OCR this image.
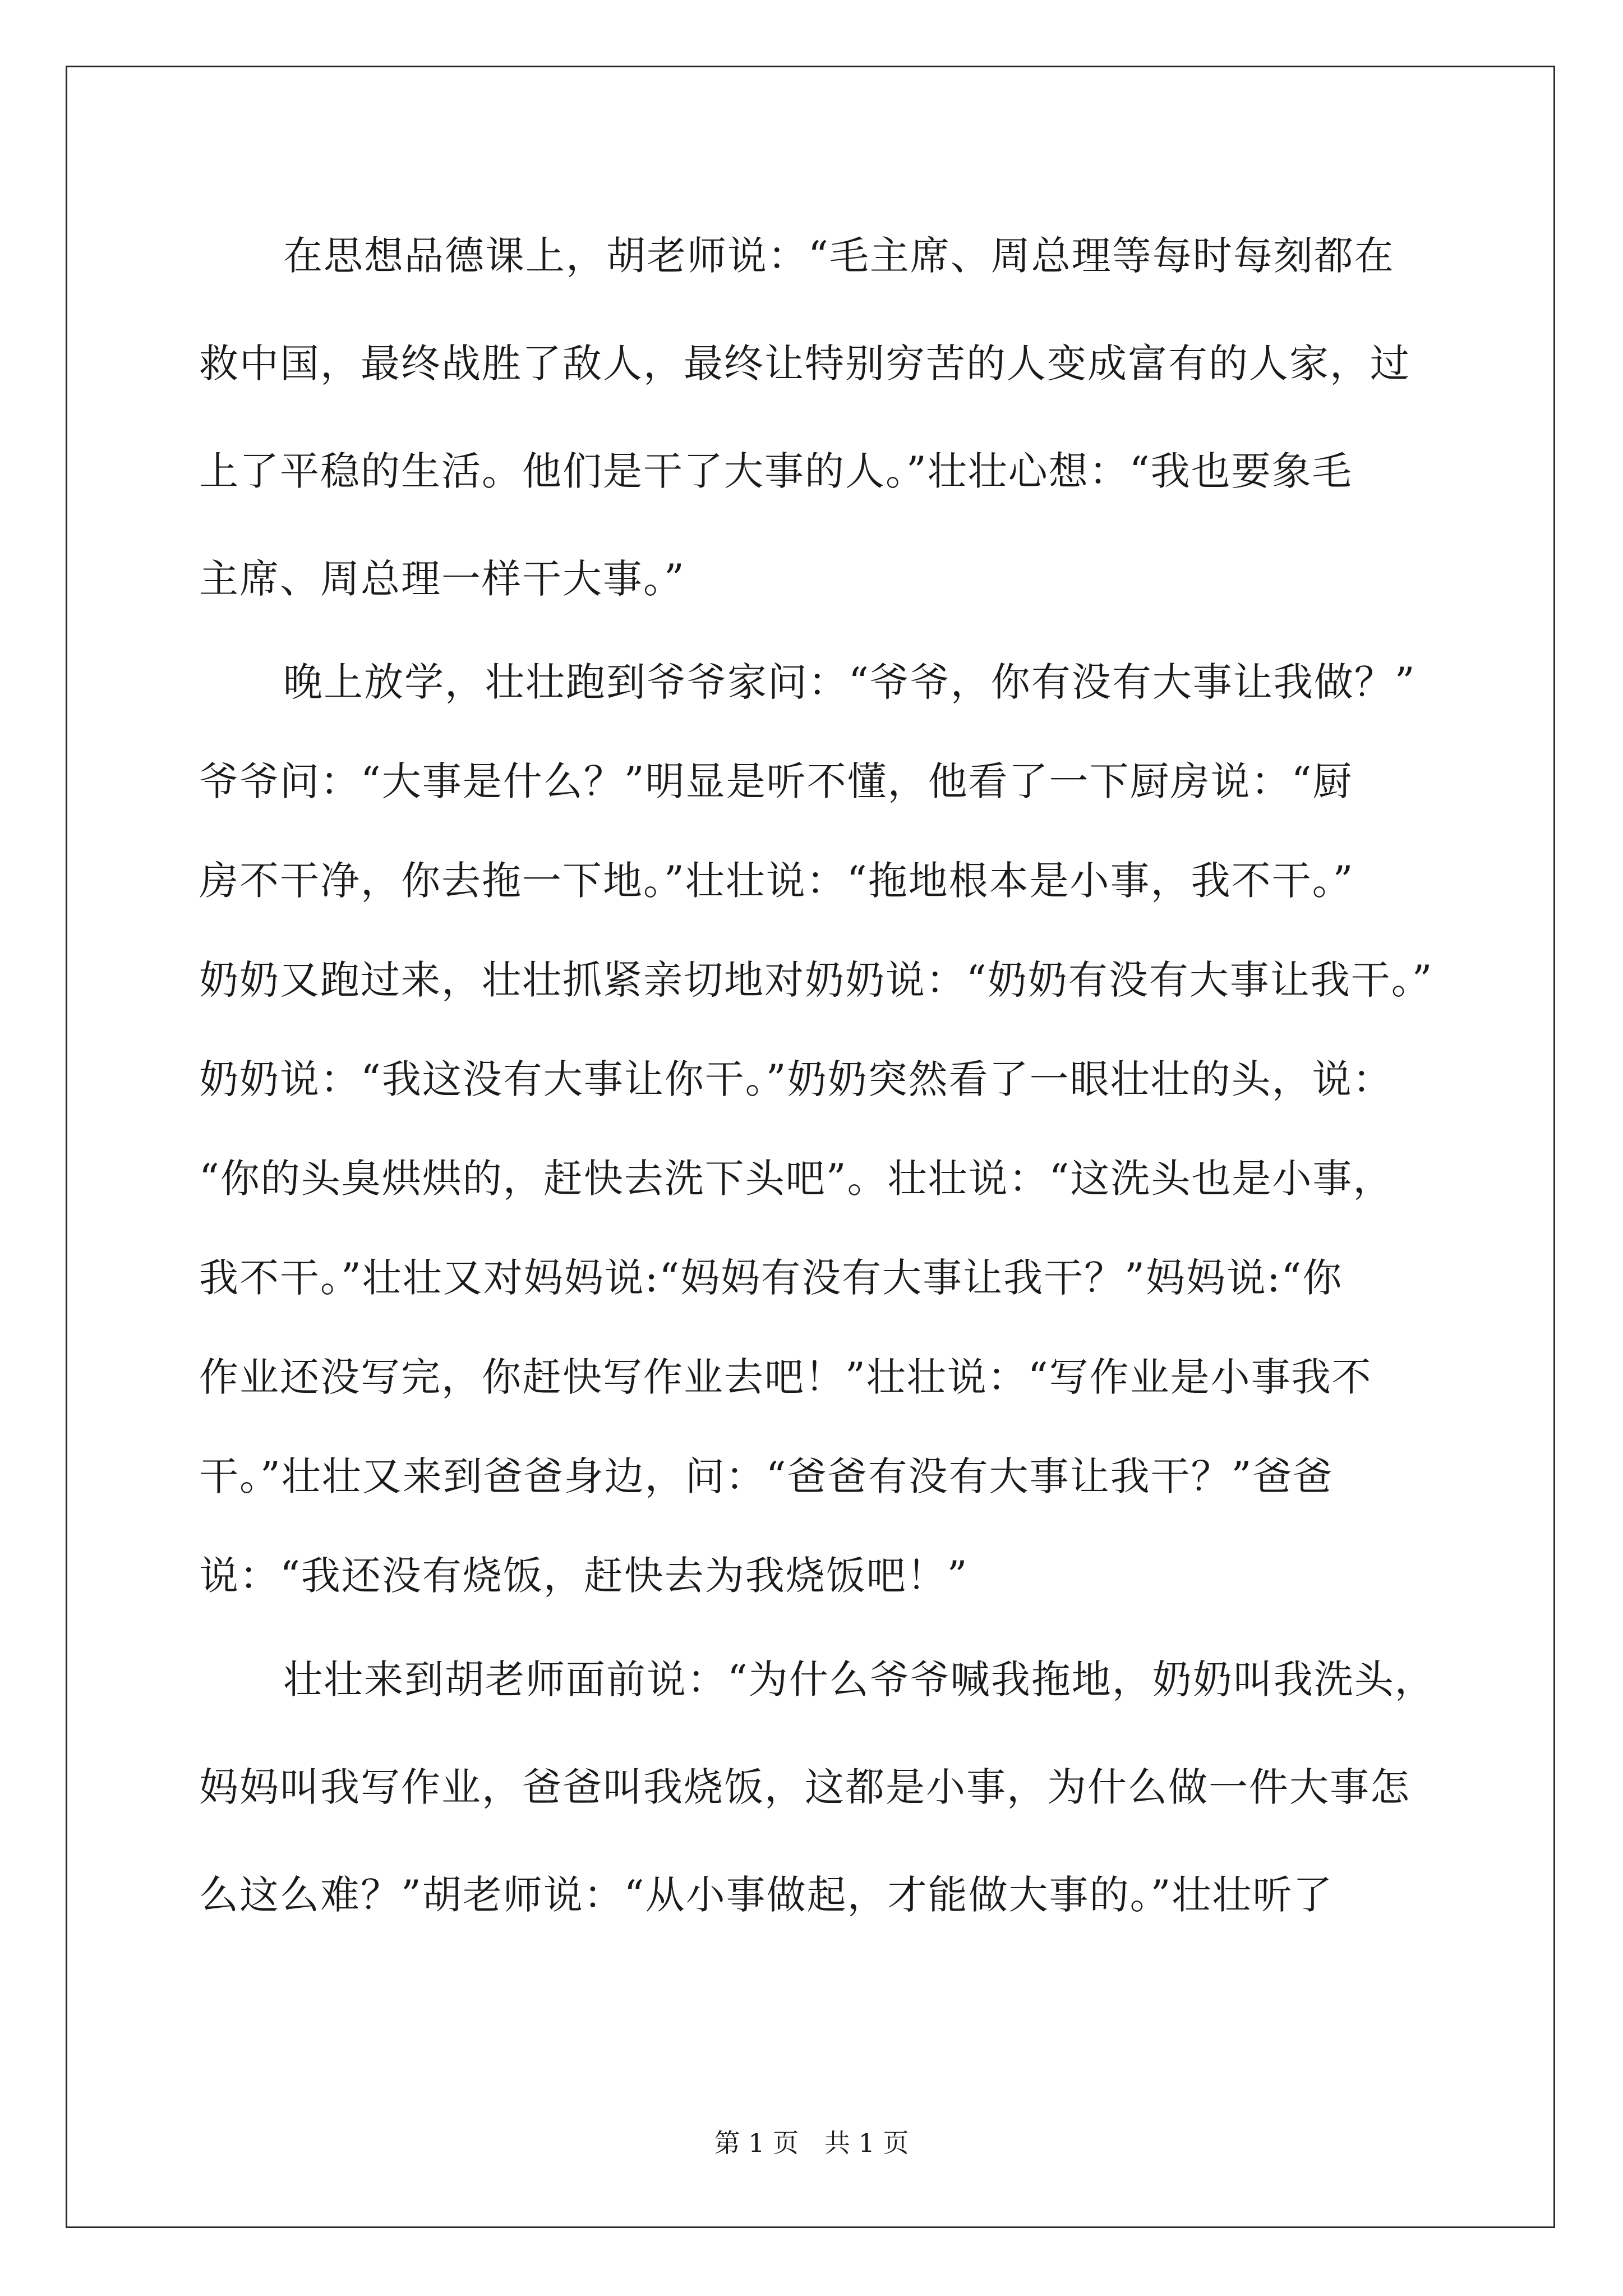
在思想品德课上，胡老师说：“毛主席、周总理等每时每刻都在
救中国，最终战胜了敌人，最终让特别穷苦的人变成富有的人家，过
上了平稳的生活。他们是干了大事的人。”壮壮心想：“我也要象毛
主席、周总理一样干大事。”
晚上放学，壮壮跑到爷爷家问：“爷爷，你有没有大事让我做？”
爷爷问：“大事是什么？”明显是听不懂，他看了一下厨房说：“厨
房不干净，你去拖一下地。”壮壮说：“拖地根本是小事，我不干。”
奶奶又跑过来，壮壮抓紧亲切地对奶奶说：“奶奶有没有大事让我干。”
奶奶说：“我这没有大事让你干。”奶奶突然看了一眼壮壮的头，说：
“你的头臭烘烘的，赶快去洗下头吧”。壮壮说：“这洗头也是小事，
我不干。”壮壮又对妈妈说:“妈妈有没有大事让我干？”妈妈说:“你
作业还没写完，你赶快写作业去吧！”壮壮说：“写作业是小事我不
干。”壮壮又来到爸爸身边，问：“爸爸有没有大事让我干？”爸爸
说：“我还没有烧饭，赶快去为我烧饭吧！”
壮壮来到胡老师面前说：“为什么爷爷喊我拖地，奶奶叫我洗头，
妈妈叫我写作业，爸爸叫我烧饭，这都是小事，为什么做一件大事怎
么这么难？”胡老师说：“从小事做起，才能做大事的。”壮壮听了
第 1 页　共 1 页
